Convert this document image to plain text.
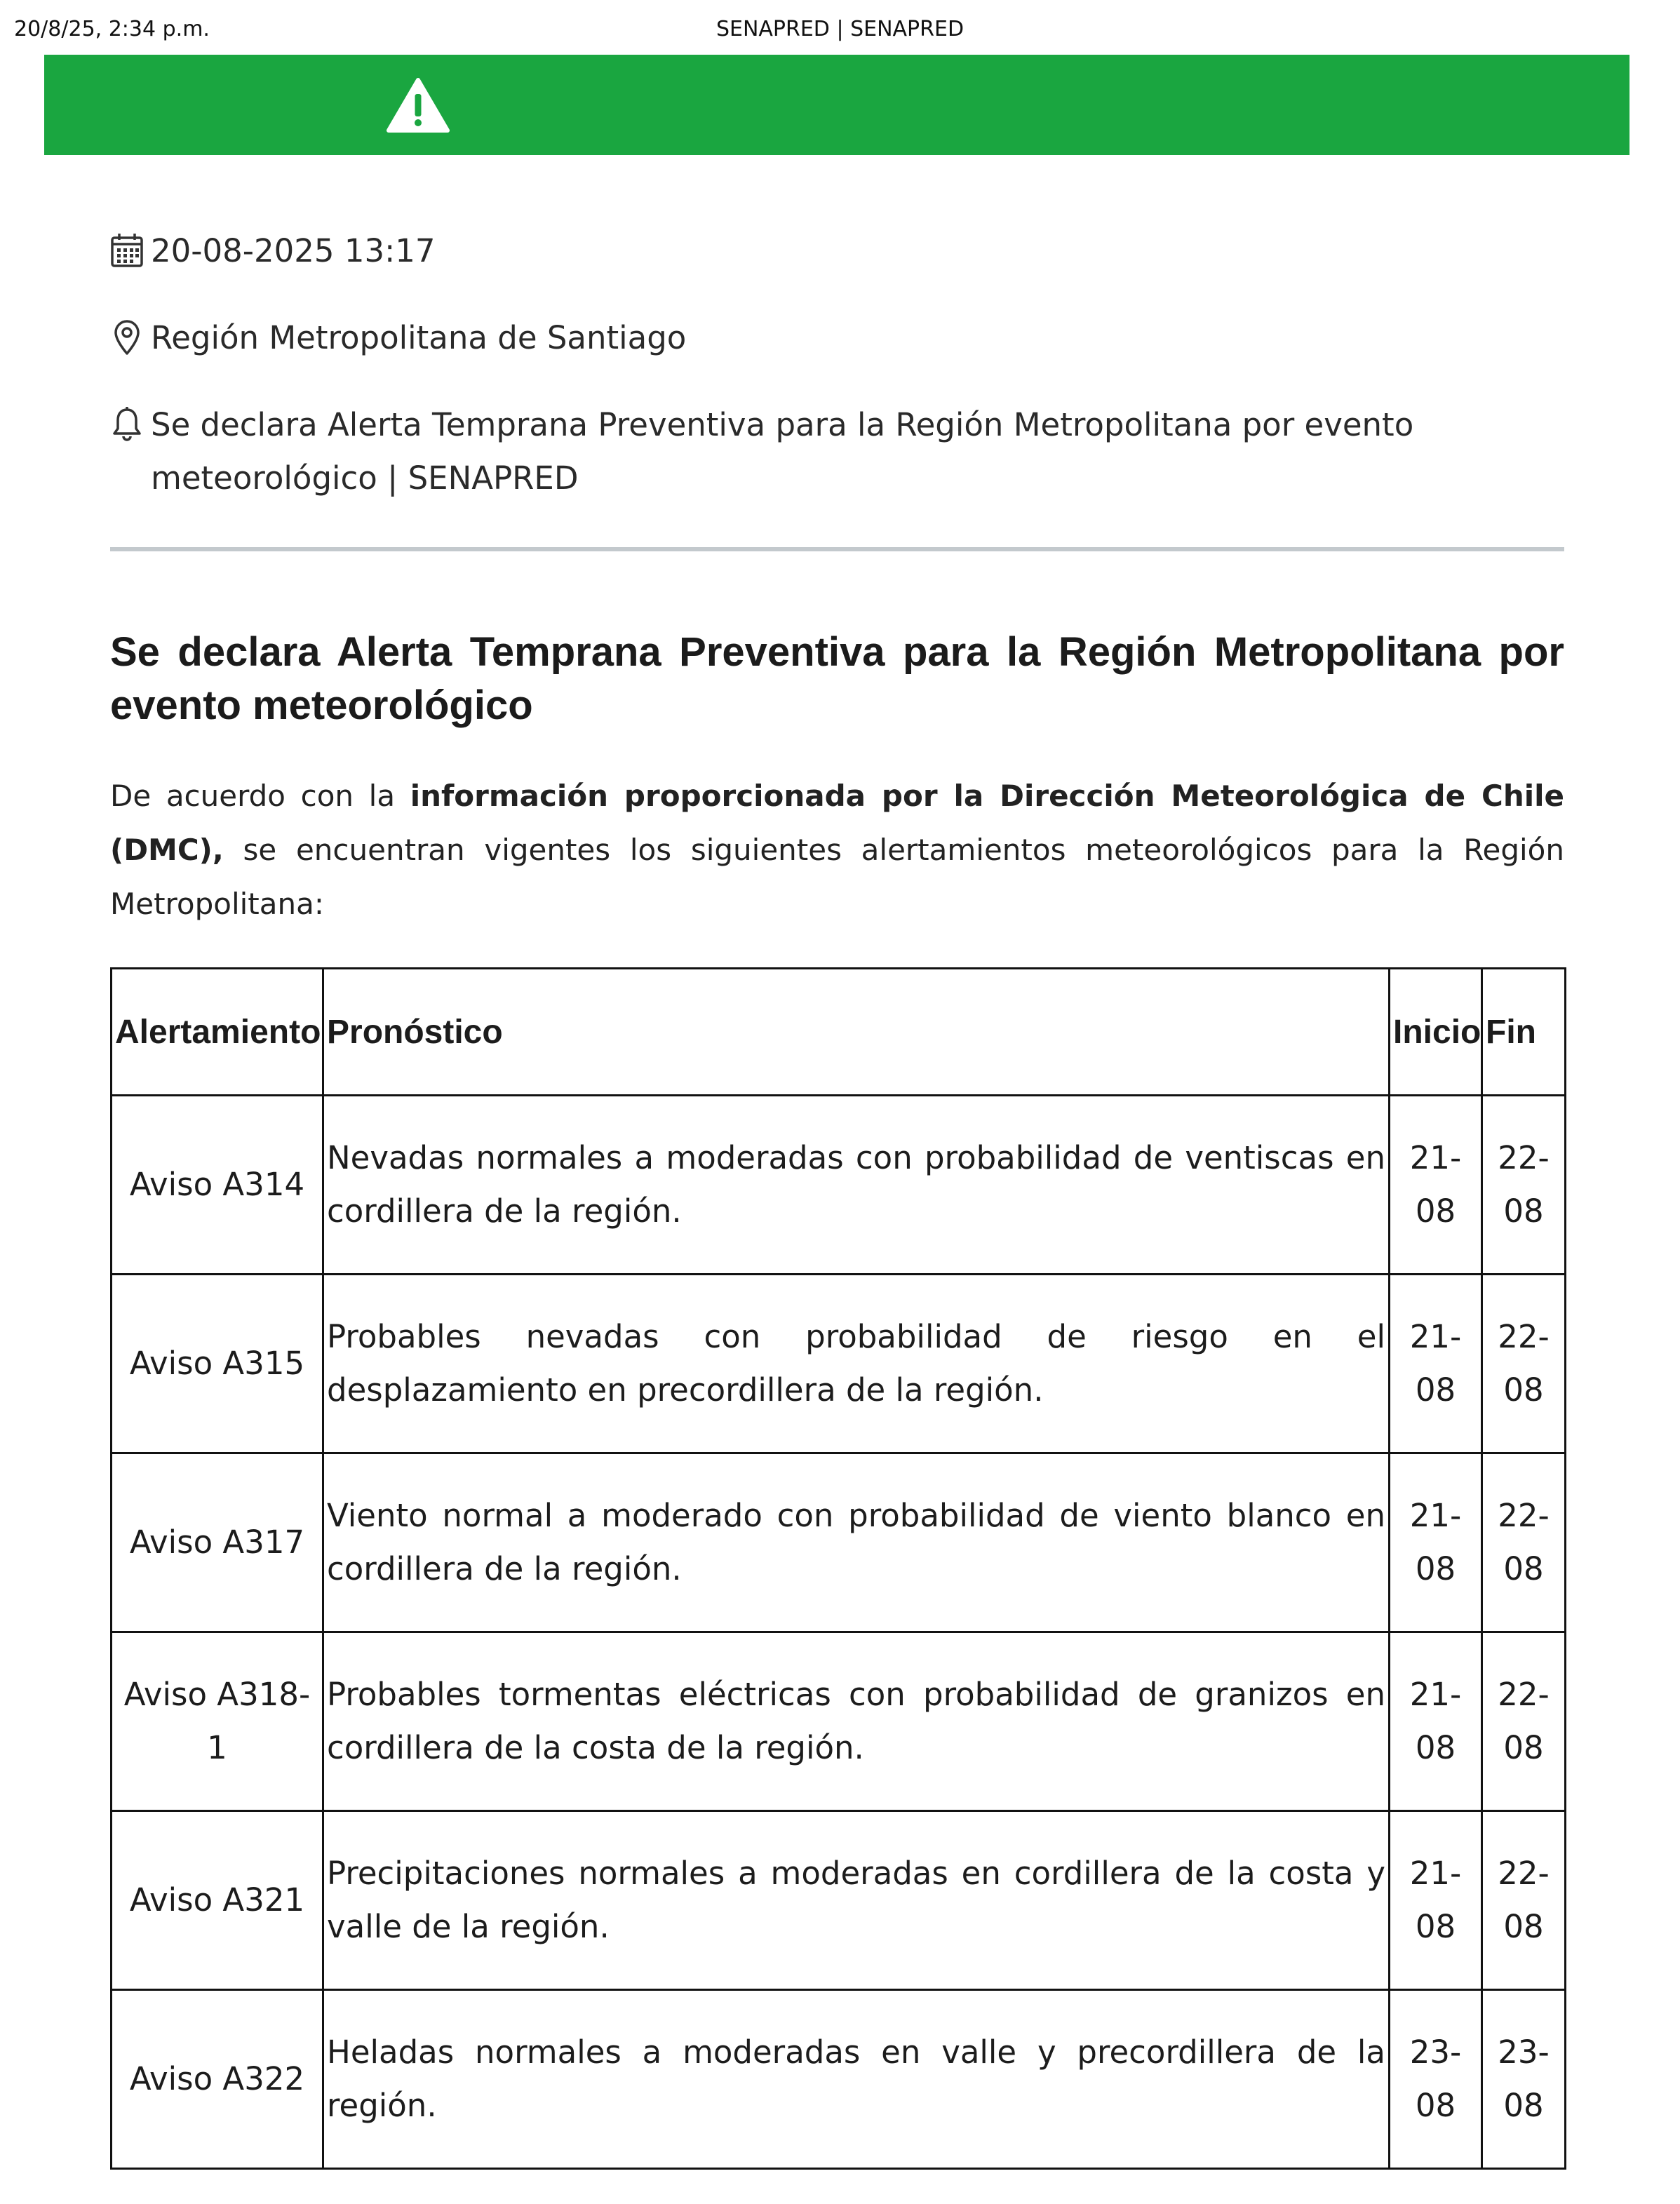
20/8/25, 2:34 p.m.	SENAPRED | SENAPRED
20-08-2025 13:17
Región Metropolitana de Santiago
Se declara Alerta Temprana Preventiva para la Región Metropolitana por evento meteorológico | SENAPRED
Se declara Alerta Temprana Preventiva para la Región Metropolitana por evento meteorológico

De acuerdo con la información proporcionada por la Dirección Meteorológica de Chile (DMC), se encuentran vigentes los siguientes alertamientos meteorológicos para la Región Metropolitana:

Alertamiento	Pronóstico	Inicio	Fin
Aviso A314	Nevadas normales a moderadas con probabilidad de ventiscas en cordillera de la región.	21-08	22-08
Aviso A315	Probables nevadas con probabilidad de riesgo en el desplazamiento en precordillera de la región.	21-08	22-08
Aviso A317	Viento normal a moderado con probabilidad de viento blanco en cordillera de la región.	21-08	22-08
Aviso A318-1	Probables tormentas eléctricas con probabilidad de granizos en cordillera de la costa de la región.	21-08	22-08
Aviso A321	Precipitaciones normales a moderadas en cordillera de la costa y valle de la región.	21-08	22-08
Aviso A322	Heladas normales a moderadas en valle y precordillera de la región.	23-08	23-08
